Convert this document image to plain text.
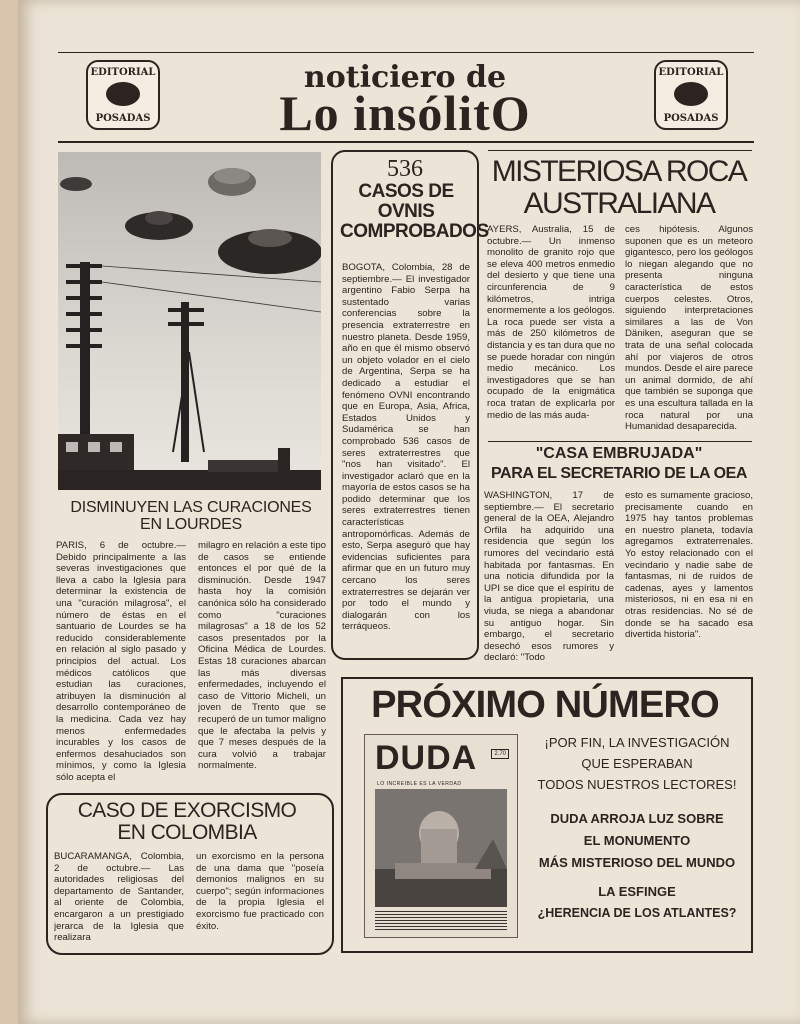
EDITORIAL
POSADAS
EDITORIAL
POSADAS
noticiero de
Lo insólitO
536
CASOS DE OVNIS COMPROBADOS
BOGOTA, Colombia, 28 de septiembre.— El investigador argentino Fabio Serpa ha sustentado varias conferencias sobre la presencia extraterrestre en nuestro planeta. Desde 1959, año en que él mismo observó un objeto volador en el cielo de Argentina, Serpa se ha dedicado a estudiar el fenómeno OVNI encontrando que en Europa, Asia, Africa, Estados Unidos y Sudamérica se han comprobado 536 casos de seres extraterrestres que "nos han visitado". El investigador aclaró que en la mayoría de estos casos se ha podido determinar que los seres extraterrestres tienen características antropomórficas. Además de esto, Serpa aseguró que hay evidencias suficientes para afirmar que en un futuro muy cercano los seres extraterrestres se dejarán ver por todo el mundo y dialogarán con los terráqueos.
MISTERIOSA ROCA AUSTRALIANA
AYERS, Australia, 15 de octubre.— Un inmenso monolito de granito rojo que se eleva 400 metros enmedio del desierto y que tiene una circunferencia de 9 kilómetros, intriga enormemente a los geólogos. La roca puede ser vista a más de 250 kilómetros de distancia y es tan dura que no se puede horadar con ningún medio mecánico. Los investigadores que se han ocupado de la enigmática roca tratan de explicarla por medio de las más auda-
ces hipótesis. Algunos suponen que es un meteoro gigantesco, pero los geólogos lo niegan alegando que no presenta ninguna característica de estos cuerpos celestes. Otros, siguiendo interpretaciones similares a las de Von Däniken, aseguran que se trata de una señal colocada ahí por viajeros de otros mundos. Desde el aire parece un animal dormido, de ahí que también se suponga que es una escultura tallada en la roca natural por una Humanidad desaparecida.
"CASA EMBRUJADA"
PARA EL SECRETARIO DE LA OEA
WASHINGTON, 17 de septiembre.— El secretario general de la OEA, Alejandro Orfila ha adquirido una residencia que según los rumores del vecindario está habitada por fantasmas. En una noticia difundida por la UPI se dice que el espíritu de la antigua propietaria, una viuda, se niega a abandonar su antiguo hogar. Sin embargo, el secretario desechó esos rumores y declaró: "Todo
esto es sumamente gracioso, precisamente cuando en 1975 hay tantos problemas en nuestro planeta, todavía agregamos extraterrenales. Yo estoy relacionado con el vecindario y nadie sabe de fantasmas, ni de ruidos de cadenas, ayes y lamentos misteriosos, ni en esa ni en otras residencias. No sé de donde se ha sacado esa divertida historia".
DISMINUYEN LAS CURACIONES EN LOURDES
PARIS, 6 de octubre.— Debido principalmente a las severas investigaciones que lleva a cabo la Iglesia para determinar la existencia de una "curación milagrosa", el número de éstas en el santuario de Lourdes se ha reducido considerablemente en relación al siglo pasado y principios del actual. Los médicos católicos que estudian las curaciones, atribuyen la disminución al desarrollo contemporáneo de la medicina. Cada vez hay menos enfermedades incurables y los casos de enfermos desahuciados son mínimos, y como la Iglesia sólo acepta el
milagro en relación a este tipo de casos se entiende entonces el por qué de la disminución. Desde 1947 hasta hoy la comisión canónica sólo ha considerado como "curaciones milagrosas" a 18 de los 52 casos presentados por la Oficina Médica de Lourdes. Estas 18 curaciones abarcan las más diversas enfermedades, incluyendo el caso de Vittorio Micheli, un joven de Trento que se recuperó de un tumor maligno que le afectaba la pelvis y que 7 meses después de la cura volvió a trabajar normalmente.
CASO DE EXORCISMO EN COLOMBIA
BUCARAMANGA, Colombia, 2 de octubre.— Las autoridades religiosas del departamento de Santander, al oriente de Colombia, encargaron a un prestigiado jerarca de la Iglesia que realizara
un exorcismo en la persona de una dama que "poseía demonios malignos en su cuerpo"; según informaciones de la propia Iglesia el exorcismo fue practicado con éxito.
PRÓXIMO NÚMERO
DUDA	2.70
LO INCREIBLE ES LA VERDAD
¡POR FIN, LA INVESTIGACIÓN
QUE ESPERABAN
TODOS NUESTROS LECTORES!
DUDA ARROJA LUZ SOBRE
EL MONUMENTO
MÁS MISTERIOSO DEL MUNDO
LA ESFINGE
¿HERENCIA DE LOS ATLANTES?
